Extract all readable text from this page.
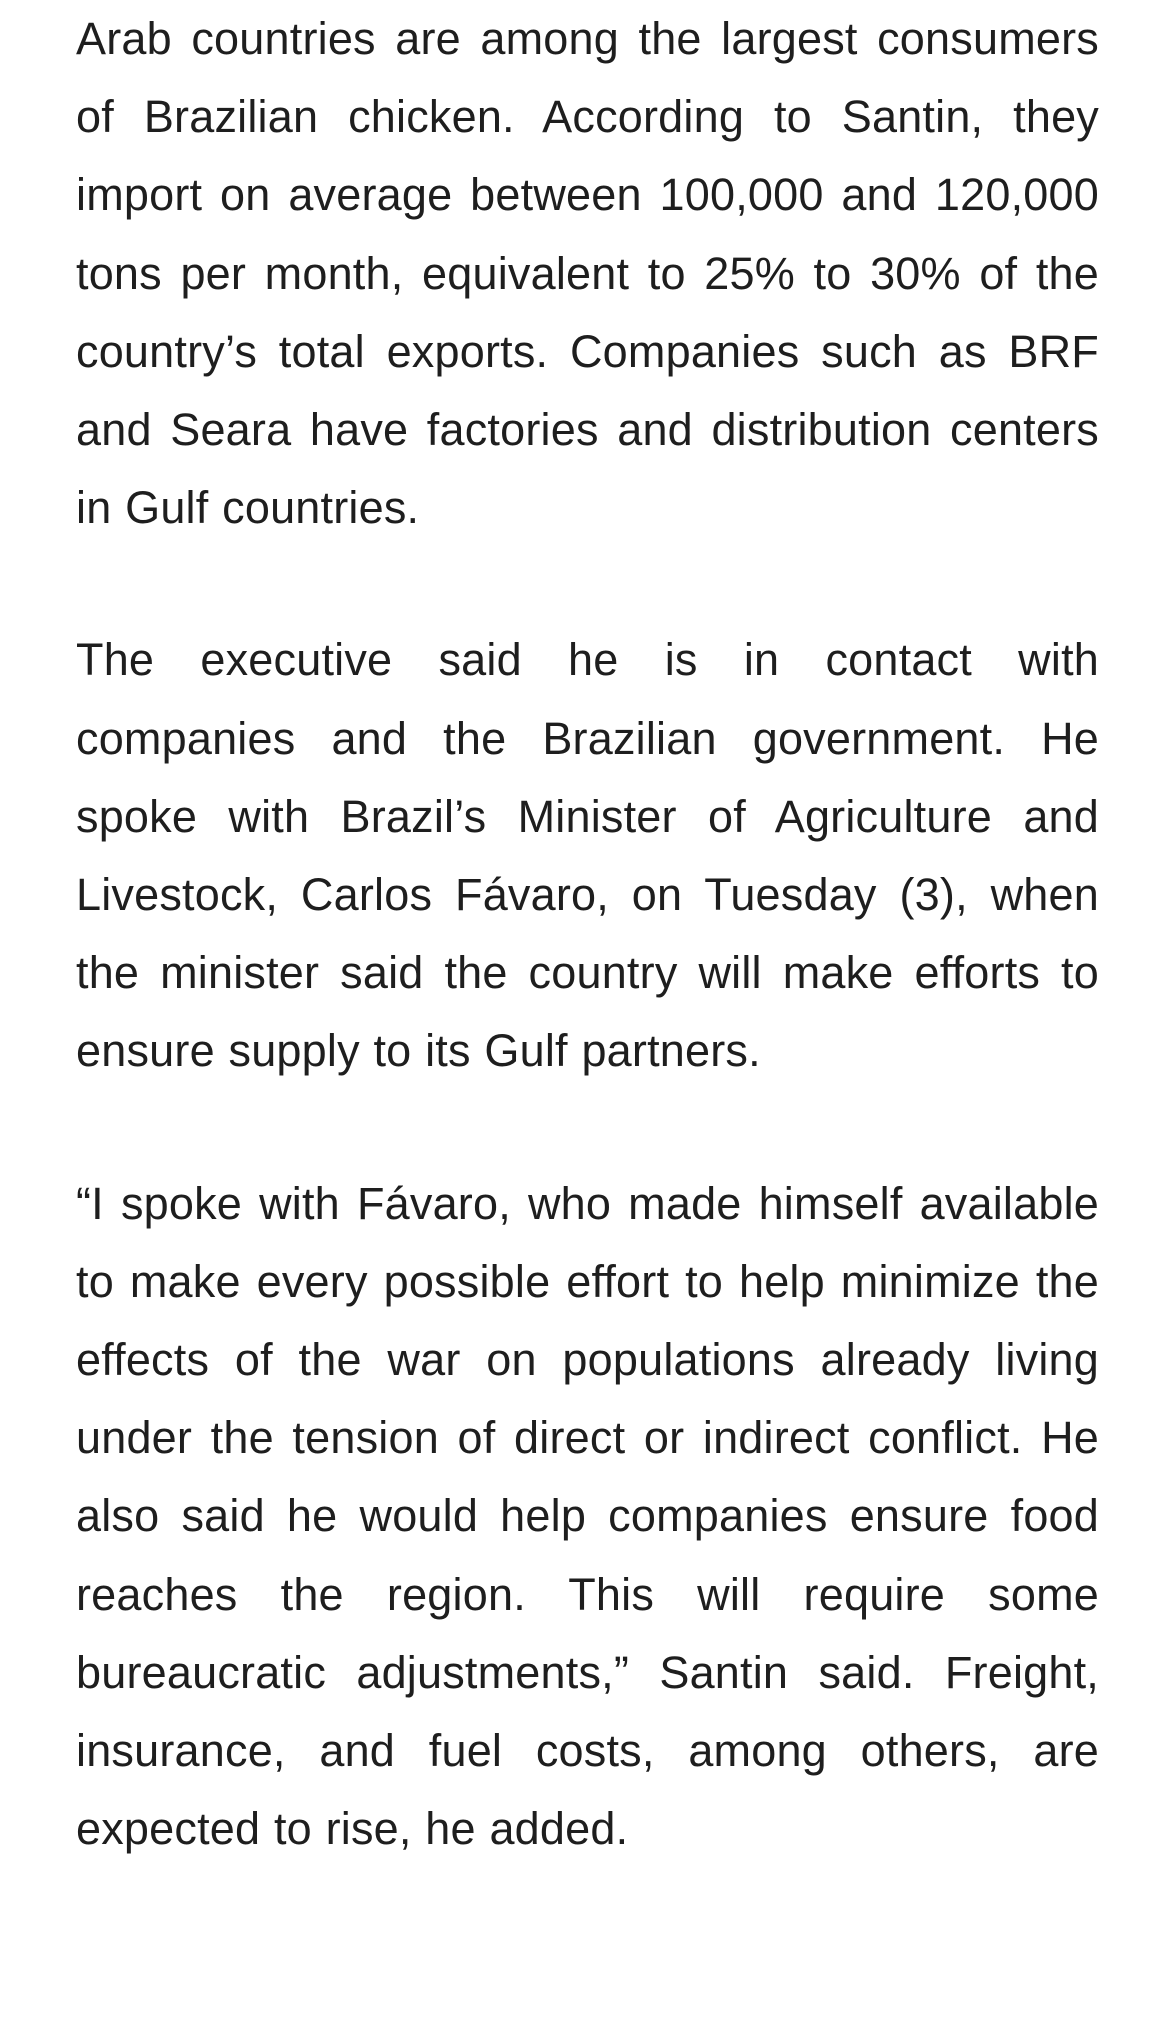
Arab countries are among the largest consumers of Brazilian chicken. According to Santin, they import on average between 100,000 and 120,000 tons per month, equivalent to 25% to 30% of the country’s total exports. Companies such as BRF and Seara have factories and distribution centers in Gulf countries.

The executive said he is in contact with companies and the Brazilian government. He spoke with Brazil’s Minister of Agriculture and Livestock, Carlos Fávaro, on Tuesday (3), when the minister said the country will make efforts to ensure supply to its Gulf partners.

“I spoke with Fávaro, who made himself available to make every possible effort to help minimize the effects of the war on populations already living under the tension of direct or indirect conflict. He also said he would help companies ensure food reaches the region. This will require some bureaucratic adjustments,” Santin said. Freight, insurance, and fuel costs, among others, are expected to rise, he added.
